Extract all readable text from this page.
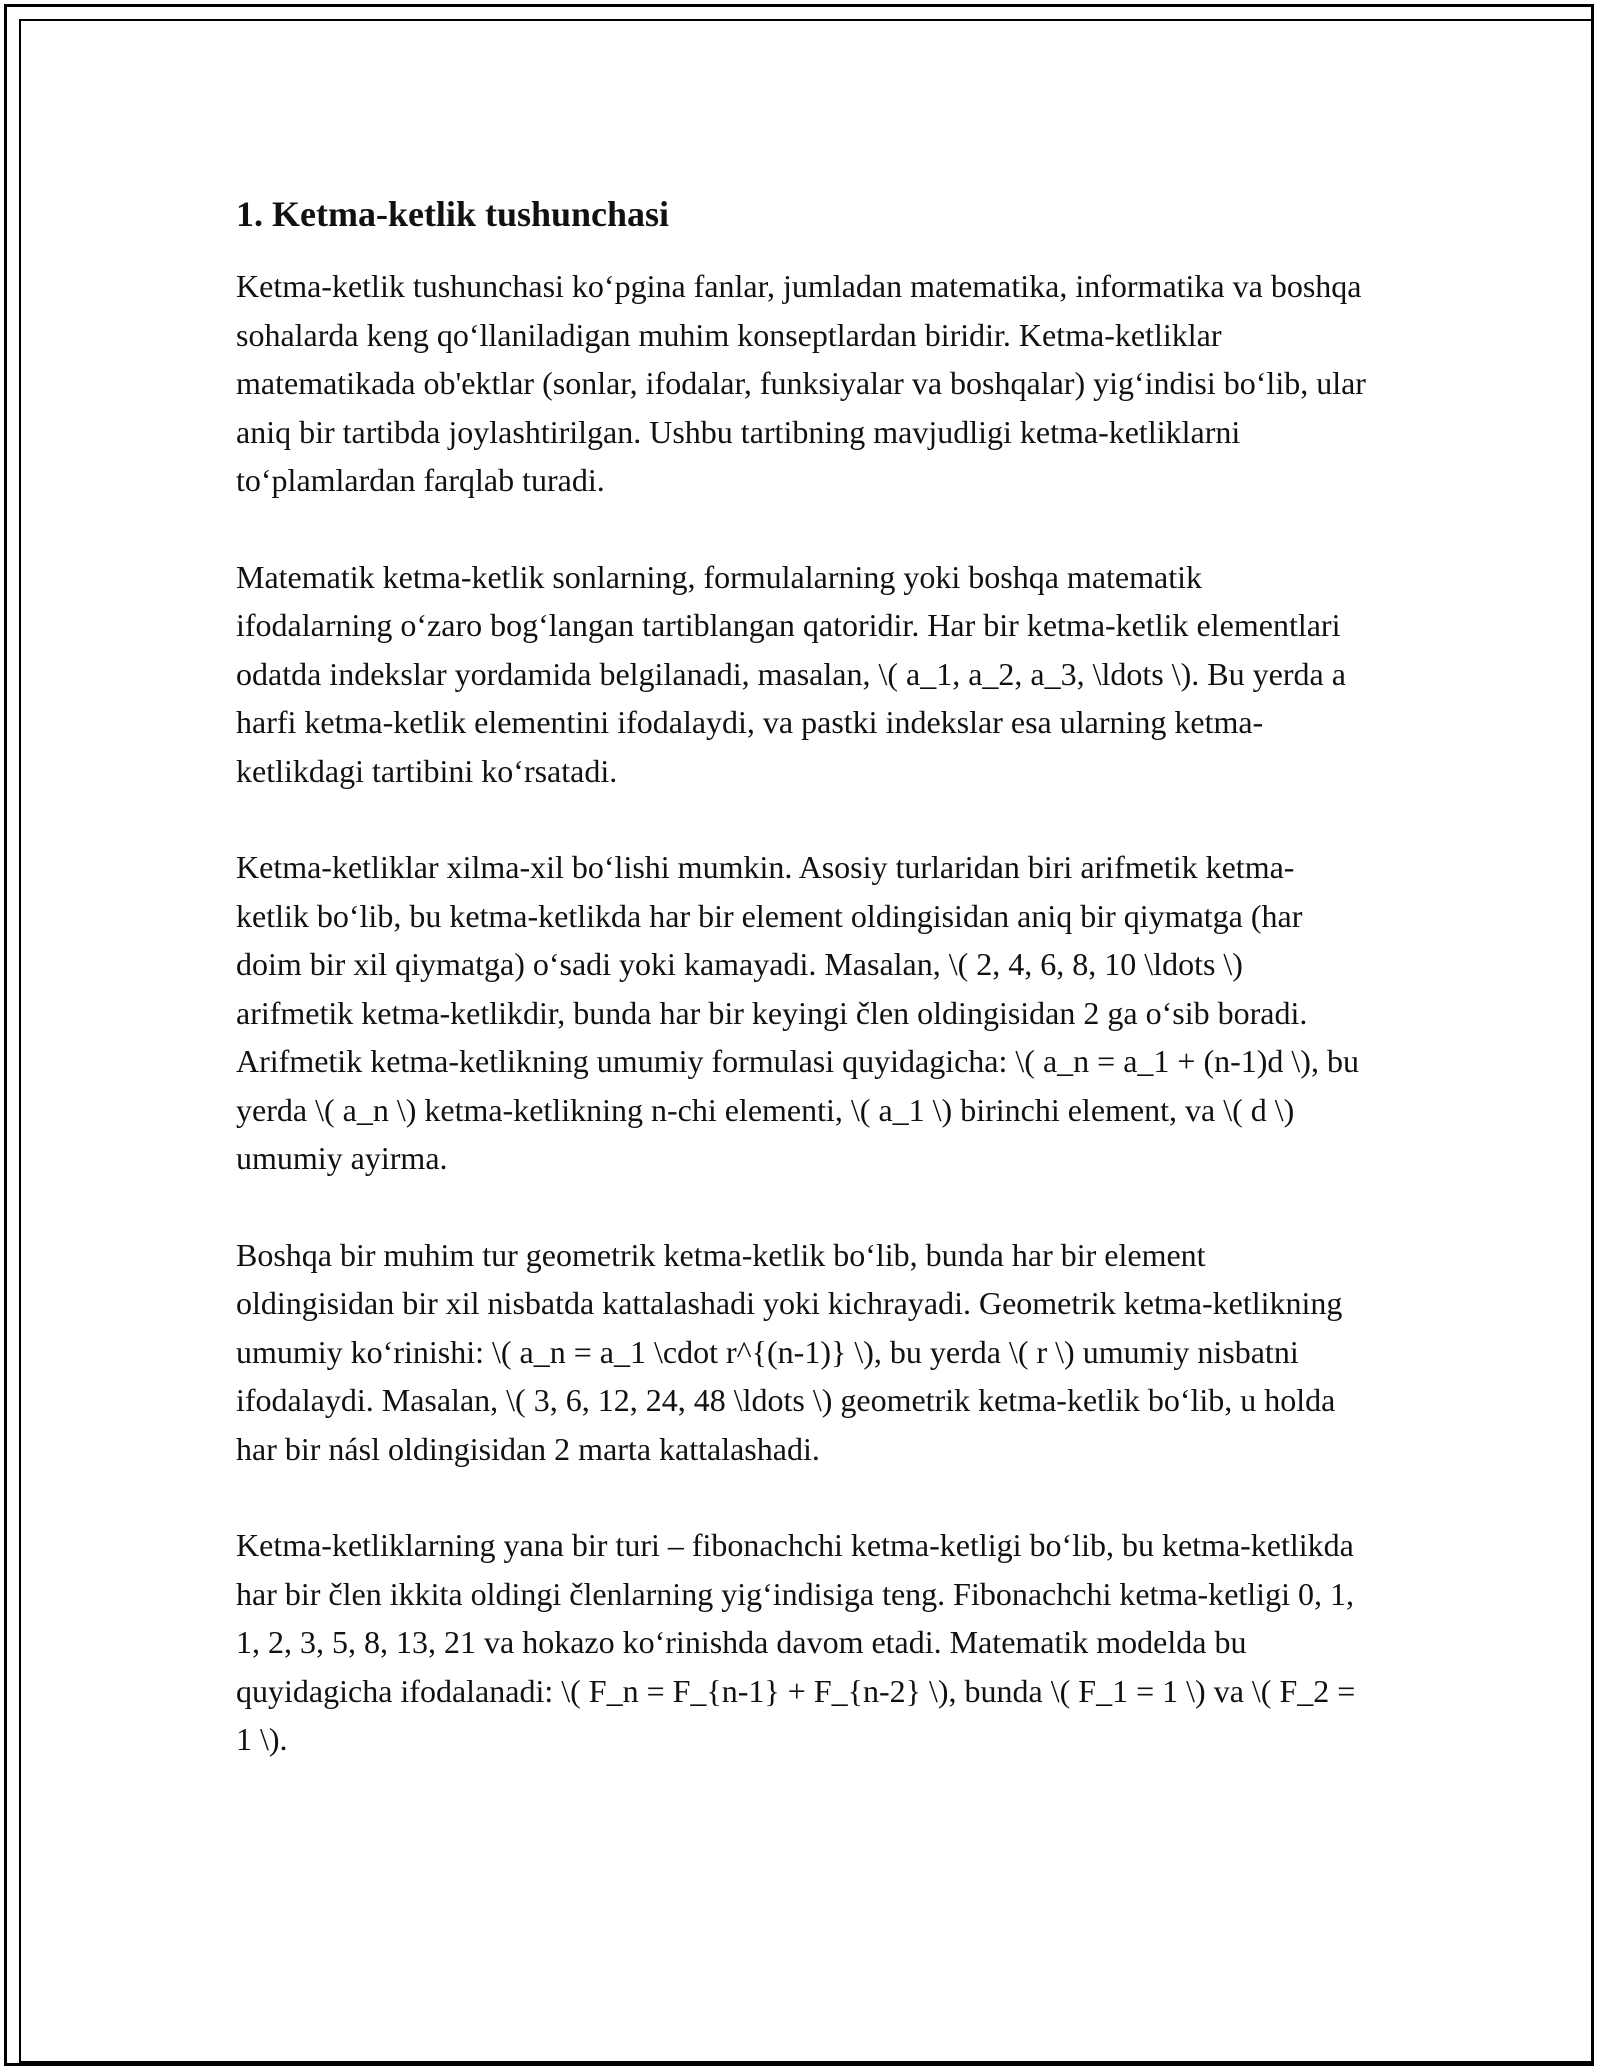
1. Ketma-ketlik tushunchasi

Ketma-ketlik tushunchasi ko‘pgina fanlar, jumladan matematika, informatika va boshqa sohalarda keng qo‘llaniladigan muhim konseptlardan biridir. Ketma-ketliklar matematikada ob'ektlar (sonlar, ifodalar, funksiyalar va boshqalar) yig‘indisi bo‘lib, ular aniq bir tartibda joylashtirilgan. Ushbu tartibning mavjudligi ketma-ketliklarni to‘plamlardan farqlab turadi.

Matematik ketma-ketlik sonlarning, formulalarning yoki boshqa matematik ifodalarning o‘zaro bog‘langan tartiblangan qatoridir. Har bir ketma-ketlik elementlari odatda indekslar yordamida belgilanadi, masalan, \( a_1, a_2, a_3, \ldots \). Bu yerda a harfi ketma-ketlik elementini ifodalaydi, va pastki indekslar esa ularning ketma-ketlikdagi tartibini ko‘rsatadi.

Ketma-ketliklar xilma-xil bo‘lishi mumkin. Asosiy turlaridan biri arifmetik ketma-ketlik bo‘lib, bu ketma-ketlikda har bir element oldingisidan aniq bir qiymatga (har doim bir xil qiymatga) o‘sadi yoki kamayadi. Masalan, \( 2, 4, 6, 8, 10 \ldots \) arifmetik ketma-ketlikdir, bunda har bir keyingi člen oldingisidan 2 ga o‘sib boradi. Arifmetik ketma-ketlikning umumiy formulasi quyidagicha: \( a_n = a_1 + (n-1)d \), bu yerda \( a_n \) ketma-ketlikning n-chi elementi, \( a_1 \) birinchi element, va \( d \) umumiy ayirma.

Boshqa bir muhim tur geometrik ketma-ketlik bo‘lib, bunda har bir element oldingisidan bir xil nisbatda kattalashadi yoki kichrayadi. Geometrik ketma-ketlikning umumiy ko‘rinishi: \( a_n = a_1 \cdot r^{(n-1)} \), bu yerda \( r \) umumiy nisbatni ifodalaydi. Masalan, \( 3, 6, 12, 24, 48 \ldots \) geometrik ketma-ketlik bo‘lib, u holda har bir násl oldingisidan 2 marta kattalashadi.

Ketma-ketliklarning yana bir turi – fibonachchi ketma-ketligi bo‘lib, bu ketma-ketlikda har bir člen ikkita oldingi členlarning yig‘indisiga teng. Fibonachchi ketma-ketligi 0, 1, 1, 2, 3, 5, 8, 13, 21 va hokazo ko‘rinishda davom etadi. Matematik modelda bu quyidagicha ifodalanadi: \( F_n = F_{n-1} + F_{n-2} \), bunda \( F_1 = 1 \) va \( F_2 = 1 \).
